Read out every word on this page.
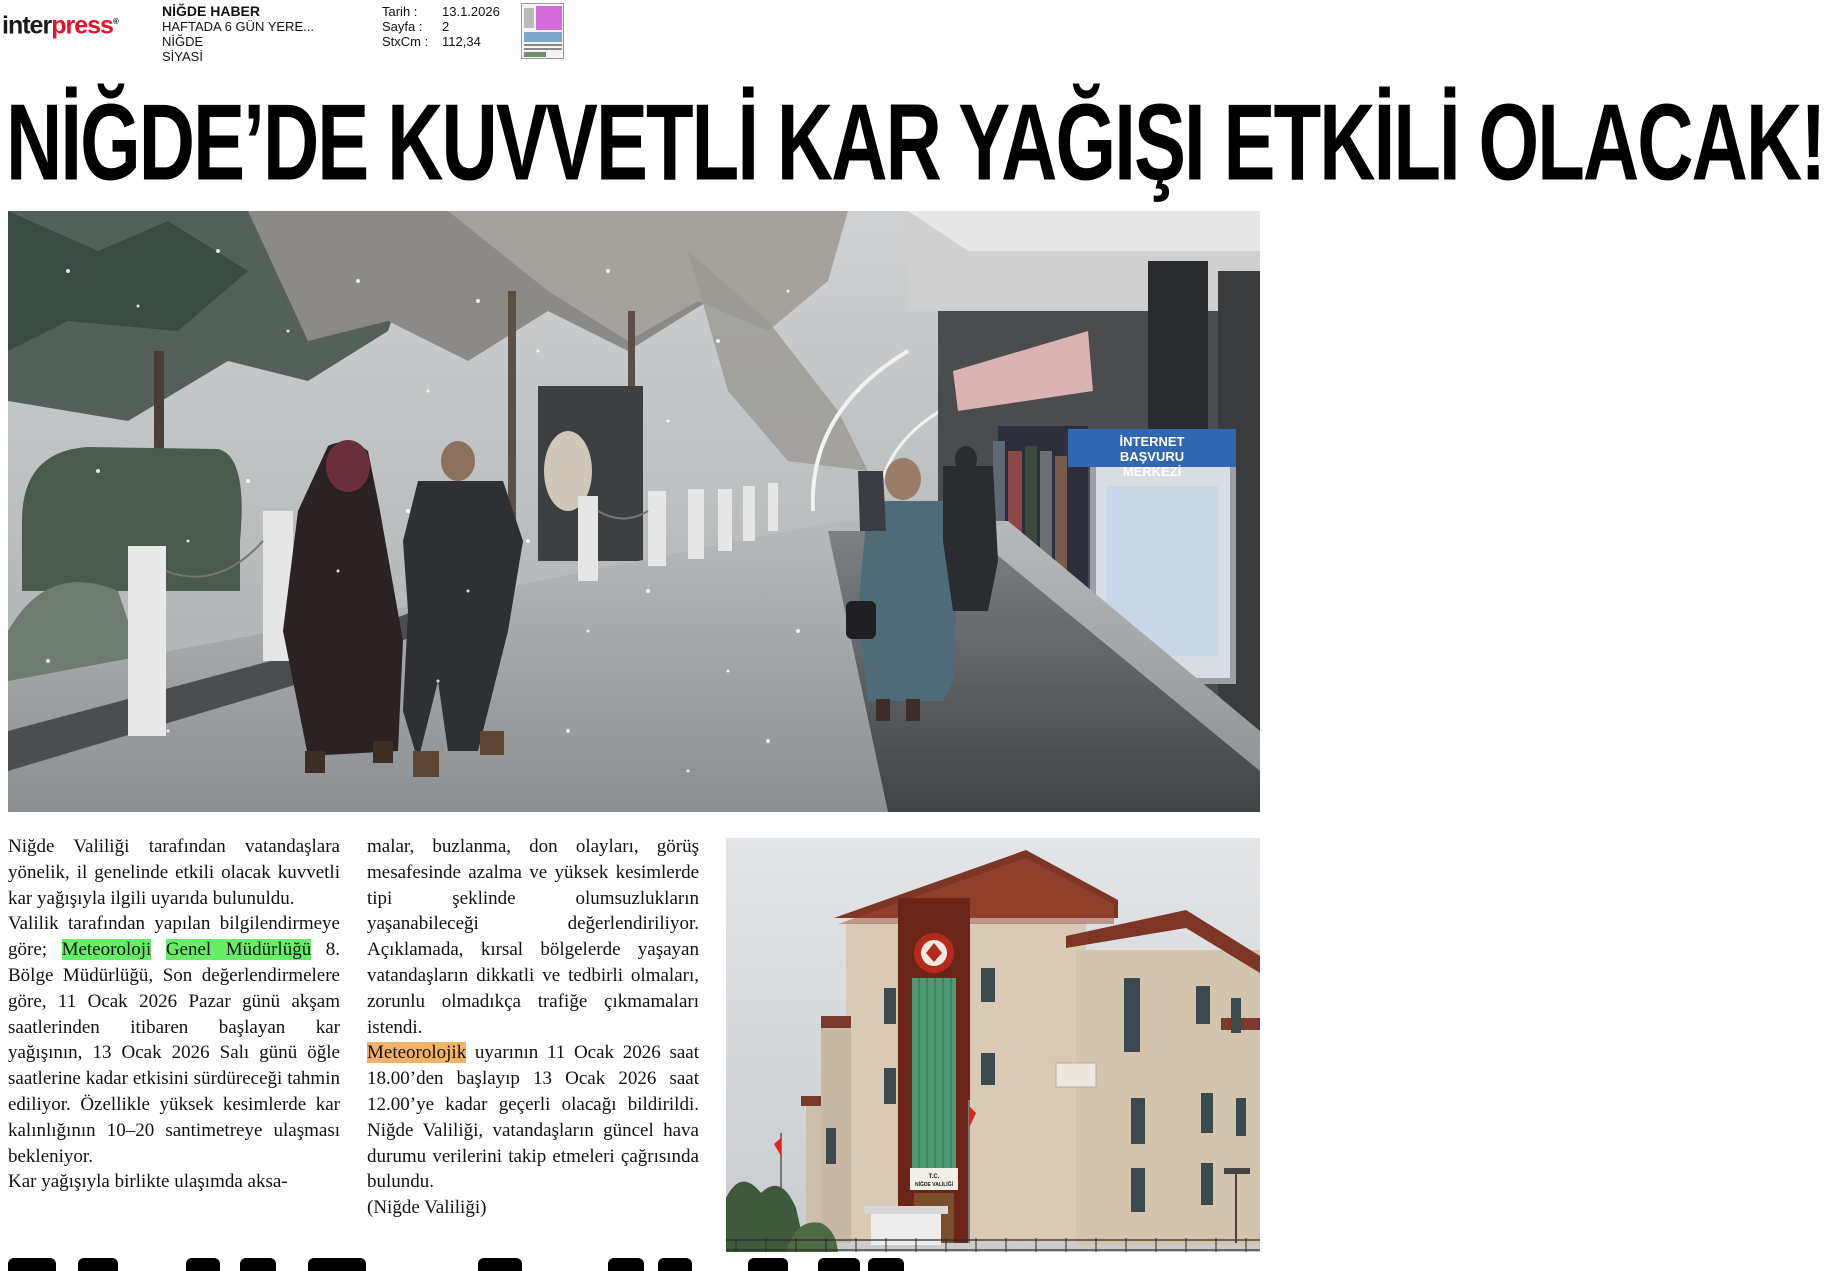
interpress®
NİĞDE HABER
HAFTADA 6 GÜN YERE...
NİĞDE
SİYASİ
Tarih :	13.1.2026
Sayfa :	2
StxCm :	112,34
NİĞDE’DE KUVVETLİ KAR YAĞIŞI ETKİLİ OLACAK!
İNTERNET
BAŞVURU
MERKEZİ

Niğde Valiliği tarafından vatandaşlara yönelik, il genelinde etkili olacak kuvvetli kar yağışıyla ilgili uyarıda bulunuldu.

Valilik tarafından yapılan bilgilendirmeye göre; Meteoroloji Genel Müdürlüğü 8. Bölge Müdürlüğü, Son değerlendirmelere göre, 11 Ocak 2026 Pazar günü akşam saatlerinden itibaren başlayan kar yağışının, 13 Ocak 2026 Salı günü öğle saatlerine kadar etkisini sürdüreceği tahmin ediliyor. Özellikle yüksek kesimlerde kar kalınlığının 10–20 santimetreye ulaşması bekleniyor.

Kar yağışıyla birlikte ulaşımda aksa-

malar, buzlanma, don olayları, görüş mesafesinde azalma ve yüksek kesimlerde tipi şeklinde olumsuzlukların yaşanabileceği değerlendiriliyor. Açıklamada, kırsal bölgelerde yaşayan vatandaşların dikkatli ve tedbirli olmaları, zorunlu olmadıkça trafiğe çıkmamaları istendi.

Meteorolojik uyarının 11 Ocak 2026 saat 18.00’den başlayıp 13 Ocak 2026 saat 12.00’ye kadar geçerli olacağı bildirildi. Niğde Valiliği, vatandaşların güncel hava durumu verilerini takip etmeleri çağrısında bulundu.

(Niğde Valiliği)

T.C.
NİĞDE VALİLİĞİ
